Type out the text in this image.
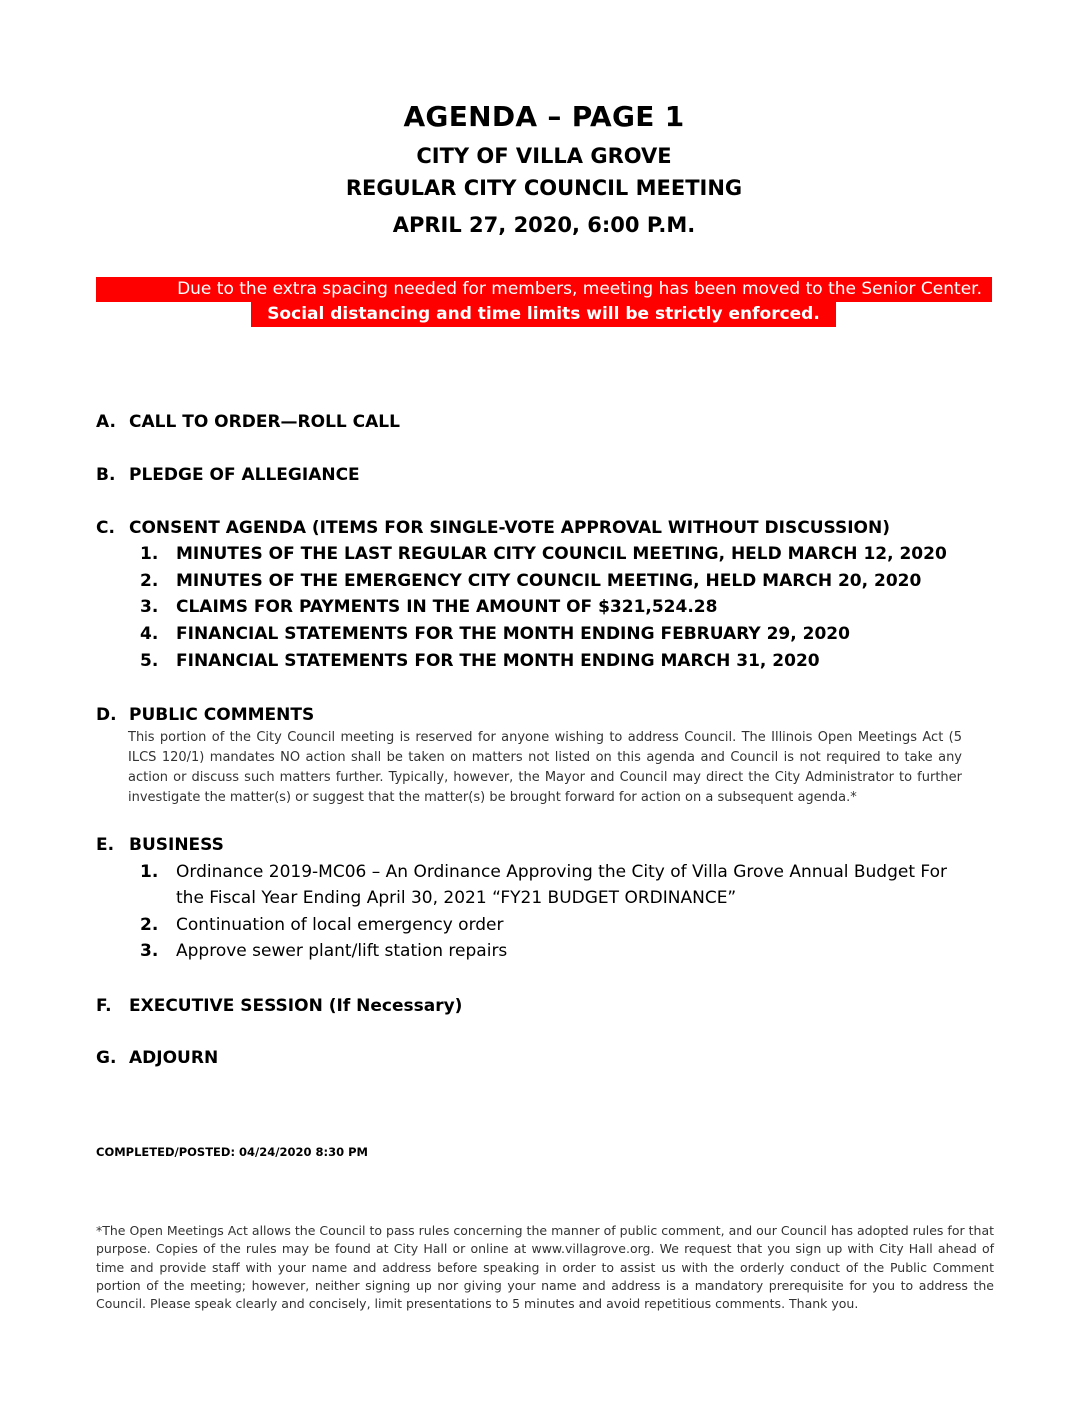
AGENDA – PAGE 1
CITY OF VILLA GROVE
REGULAR CITY COUNCIL MEETING
APRIL 27, 2020, 6:00 P.M.
Due to the extra spacing needed for members, meeting has been moved to the Senior Center.
Social distancing and time limits will be strictly enforced.
A. CALL TO ORDER—ROLL CALL
B. PLEDGE OF ALLEGIANCE
C. CONSENT AGENDA (ITEMS FOR SINGLE-VOTE APPROVAL WITHOUT DISCUSSION)
1. MINUTES OF THE LAST REGULAR CITY COUNCIL MEETING, HELD MARCH 12, 2020
2. MINUTES OF THE EMERGENCY CITY COUNCIL MEETING, HELD MARCH 20, 2020
3. CLAIMS FOR PAYMENTS IN THE AMOUNT OF $321,524.28
4. FINANCIAL STATEMENTS FOR THE MONTH ENDING FEBRUARY 29, 2020
5. FINANCIAL STATEMENTS FOR THE MONTH ENDING MARCH 31, 2020
D. PUBLIC COMMENTS
This portion of the City Council meeting is reserved for anyone wishing to address Council. The Illinois Open Meetings Act (5 ILCS 120/1) mandates NO action shall be taken on matters not listed on this agenda and Council is not required to take any action or discuss such matters further. Typically, however, the Mayor and Council may direct the City Administrator to further investigate the matter(s) or suggest that the matter(s) be brought forward for action on a subsequent agenda.*
E. BUSINESS
1. Ordinance 2019-MC06 – An Ordinance Approving the City of Villa Grove Annual Budget For
the Fiscal Year Ending April 30, 2021 “FY21 BUDGET ORDINANCE”
2. Continuation of local emergency order
3. Approve sewer plant/lift station repairs
F. EXECUTIVE SESSION (If Necessary)
G. ADJOURN
COMPLETED/POSTED: 04/24/2020 8:30 PM
*The Open Meetings Act allows the Council to pass rules concerning the manner of public comment, and our Council has adopted rules for that purpose. Copies of the rules may be found at City Hall or online at www.villagrove.org. We request that you sign up with City Hall ahead of time and provide staff with your name and address before speaking in order to assist us with the orderly conduct of the Public Comment portion of the meeting; however, neither signing up nor giving your name and address is a mandatory prerequisite for you to address the Council. Please speak clearly and concisely, limit presentations to 5 minutes and avoid repetitious comments. Thank you.
